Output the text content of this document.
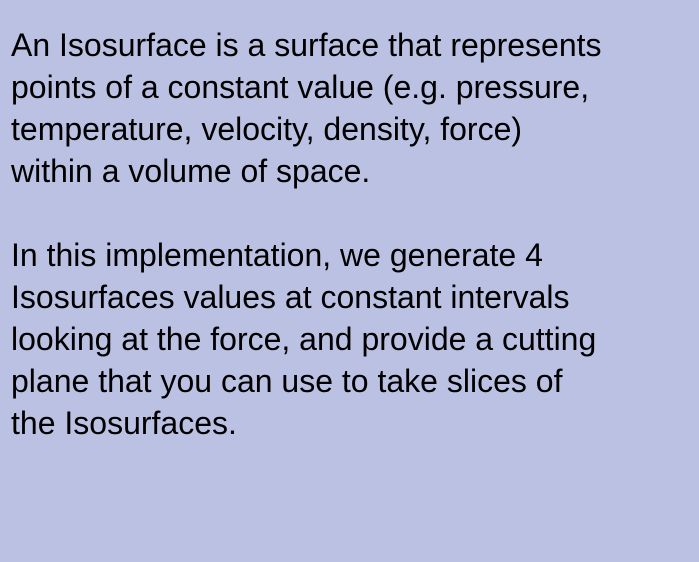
An Isosurface is a surface that represents
points of a constant value (e.g. pressure,
temperature, velocity, density, force)
within a volume of space.

In this implementation, we generate 4
Isosurfaces values at constant intervals
looking at the force, and provide a cutting
plane that you can use to take slices of
the Isosurfaces.
